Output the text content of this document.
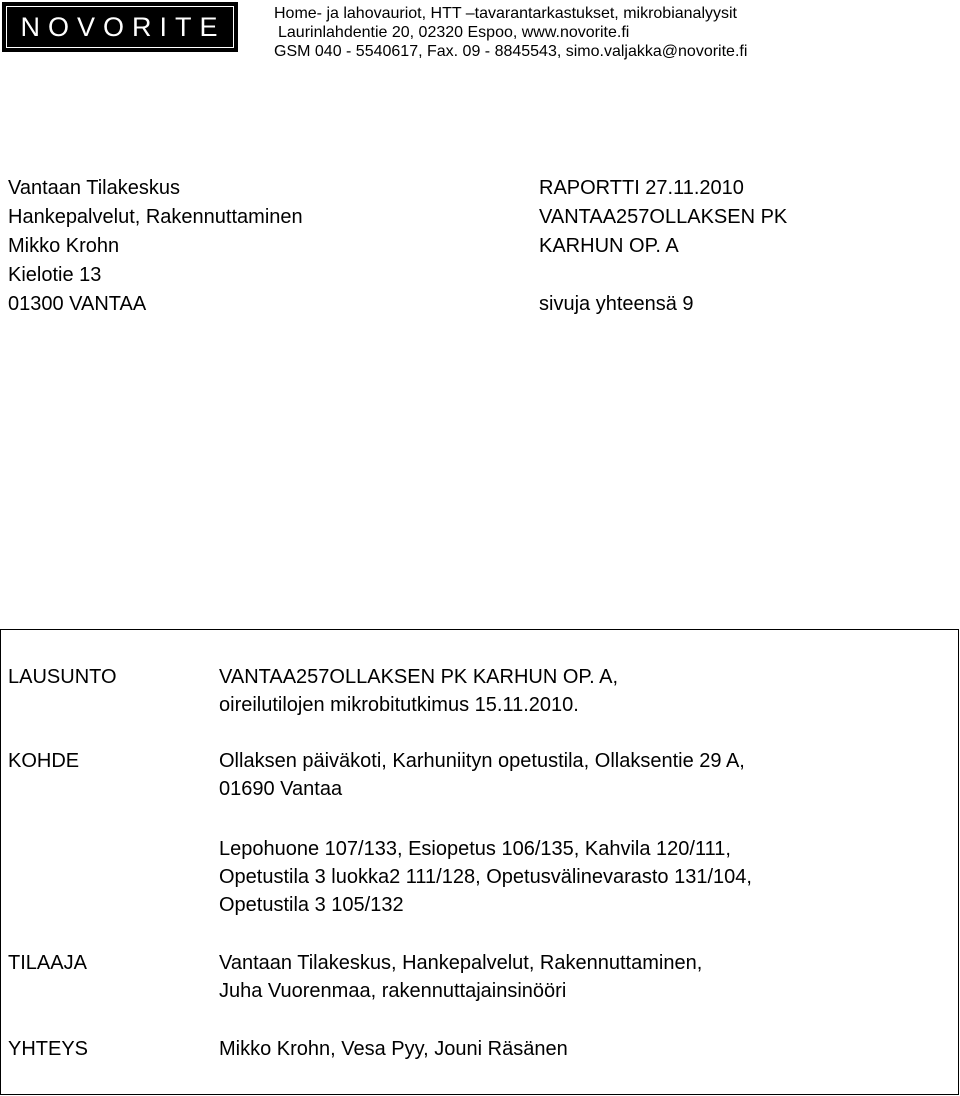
NOVORITE	Home- ja lahovauriot, HTT –tavarantarkastukset, mikrobianalyysit
Laurinlahdentie 20, 02320 Espoo, www.novorite.fi
GSM 040 - 5540617, Fax. 09 - 8845543, simo.valjakka@novorite.fi
Vantaan Tilakeskus
Hankepalvelut, Rakennuttaminen
Mikko Krohn
Kielotie 13
01300 VANTAA
RAPORTTI 27.11.2010
VANTAA257OLLAKSEN PK
KARHUN OP. A
sivuja yhteensä 9
LAUSUNTO	VANTAA257OLLAKSEN PK KARHUN OP. A,
oireilutilojen mikrobitutkimus 15.11.2010.
KOHDE	Ollaksen päiväkoti, Karhuniityn opetustila, Ollaksentie 29 A,
01690 Vantaa
Lepohuone 107/133, Esiopetus 106/135, Kahvila 120/111,
Opetustila 3 luokka2 111/128, Opetusvälinevarasto 131/104,
Opetustila 3 105/132
TILAAJA	Vantaan Tilakeskus, Hankepalvelut, Rakennuttaminen,
Juha Vuorenmaa, rakennuttajainsinööri
YHTEYS	Mikko Krohn, Vesa Pyy, Jouni Räsänen
